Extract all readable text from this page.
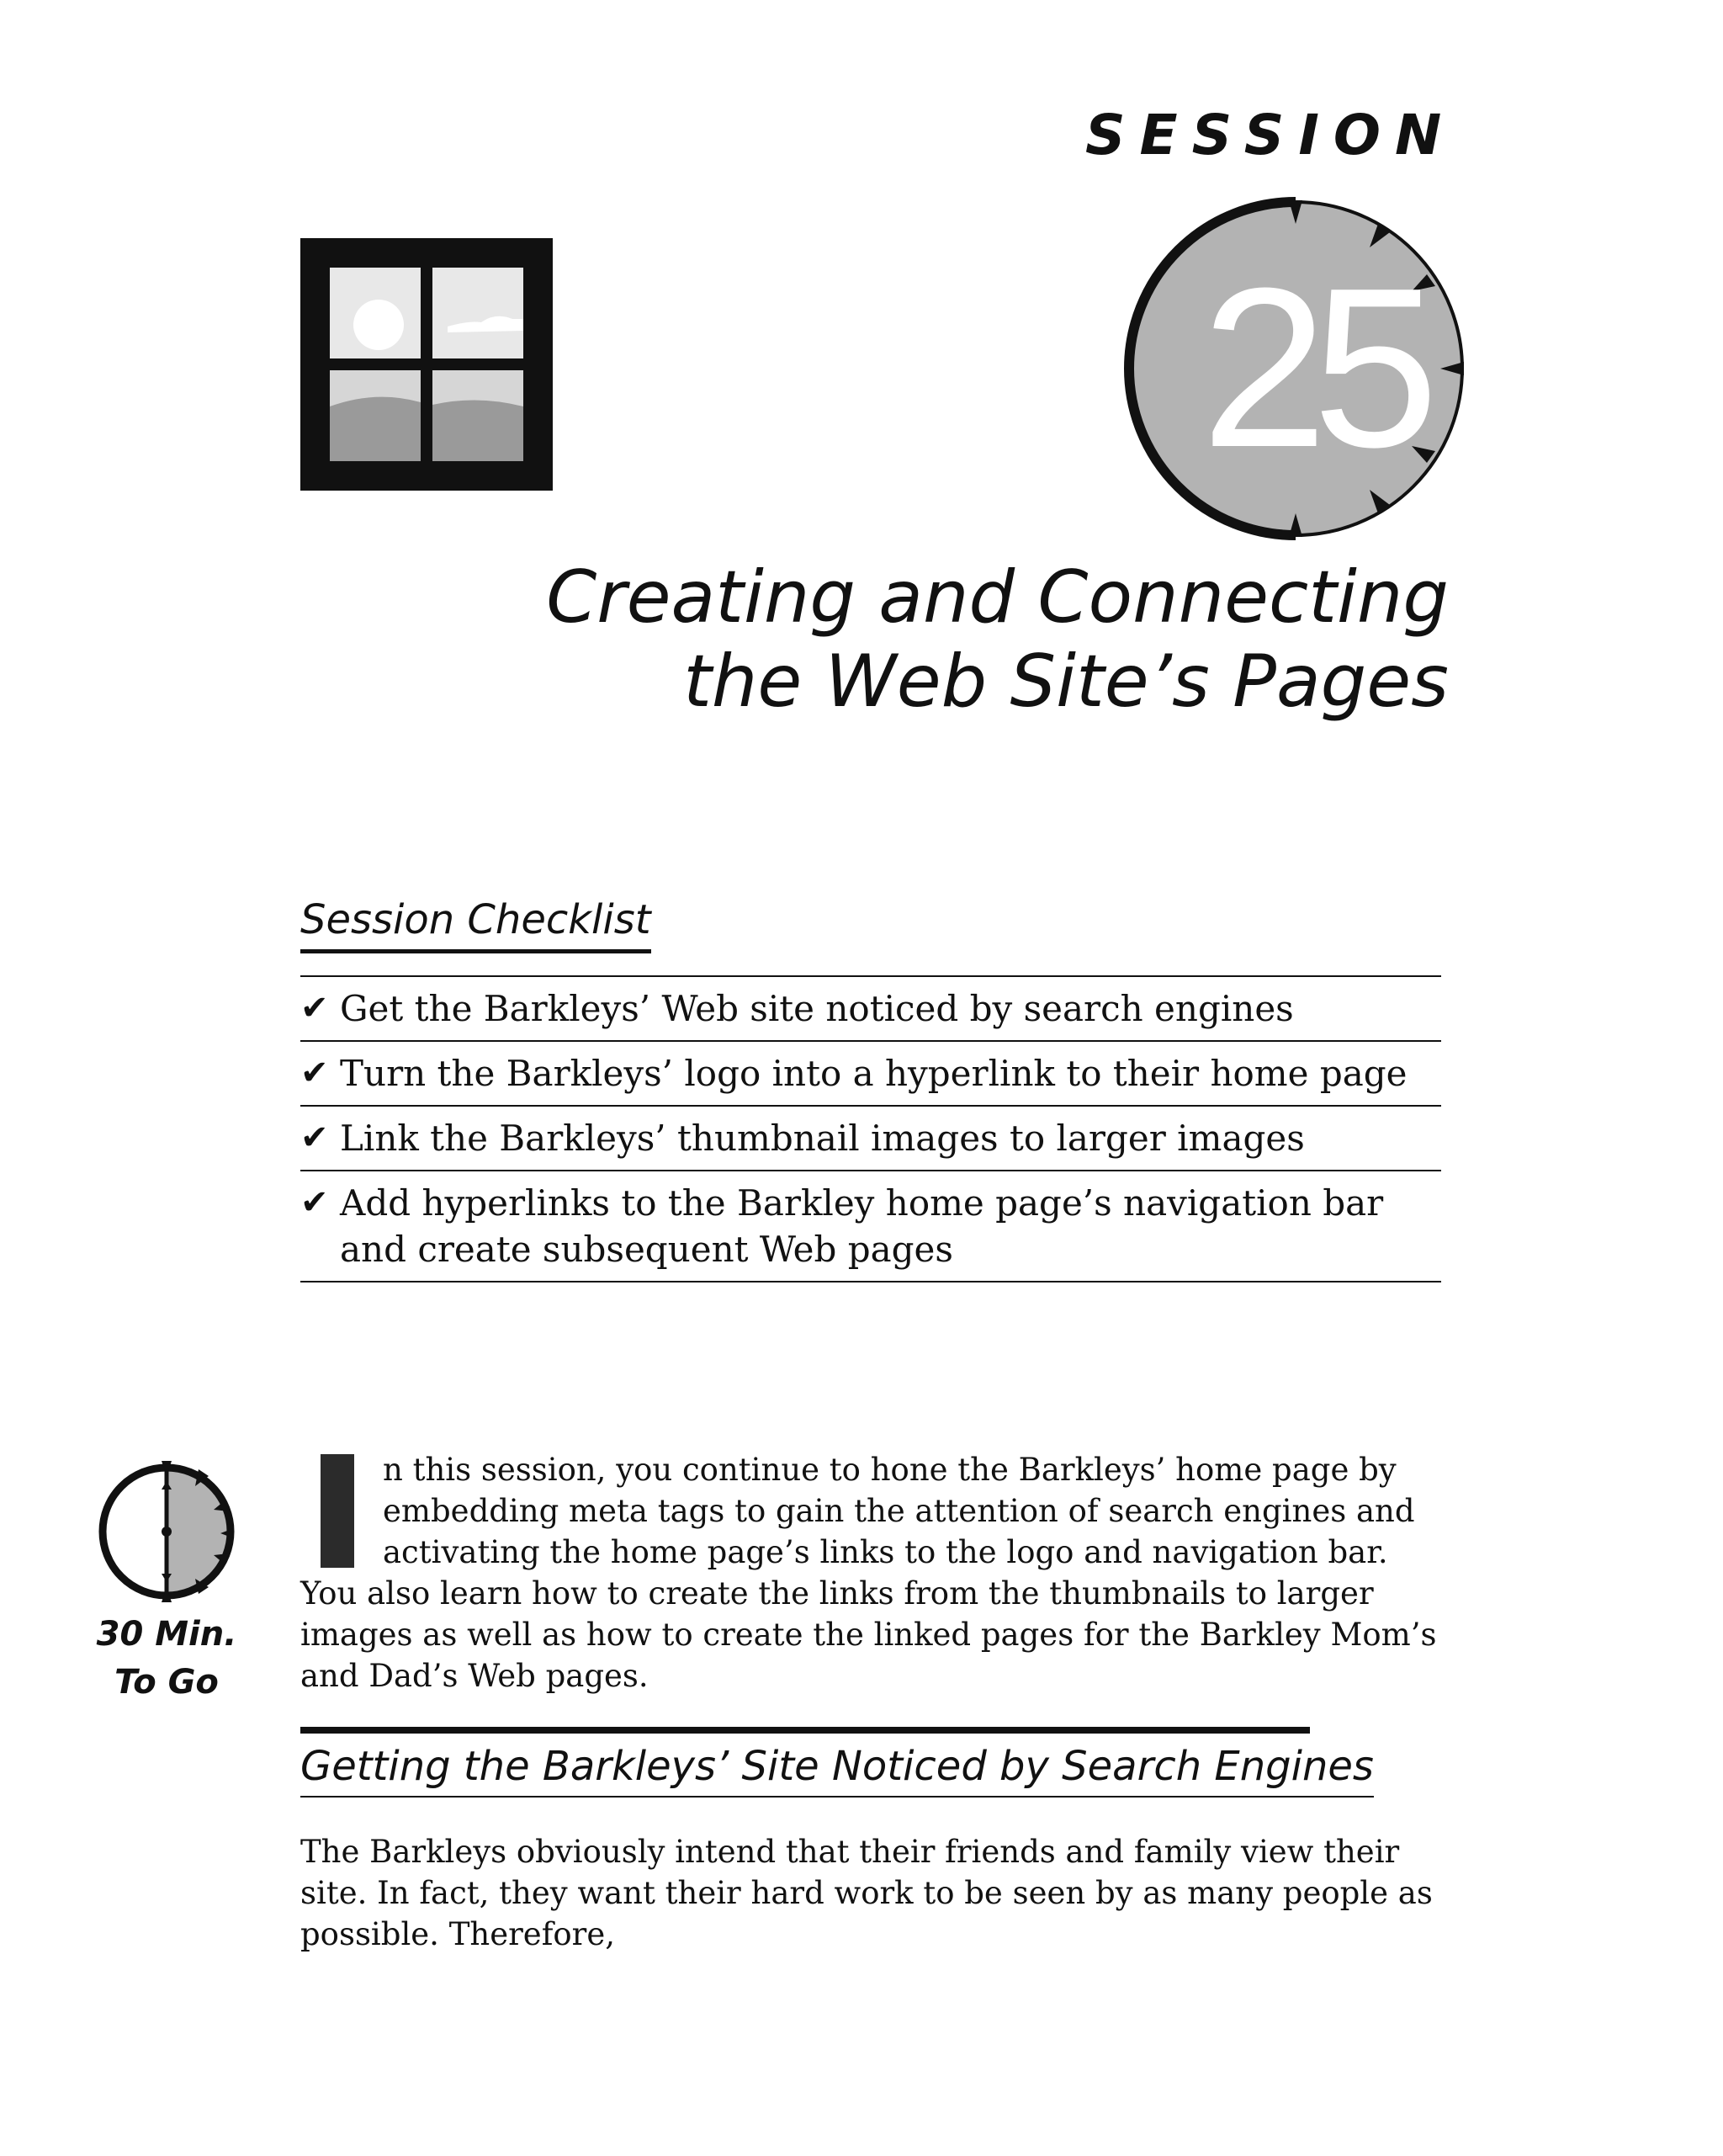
SESSION
25
Creating and Connecting
the Web Site’s Pages
Session Checklist
✔ Get the Barkleys’ Web site noticed by search engines
✔ Turn the Barkleys’ logo into a hyperlink to their home page
✔ Link the Barkleys’ thumbnail images to larger images
✔ Add hyperlinks to the Barkley home page’s navigation bar and create subsequent Web pages
30 Min.
To Go

n this session, you continue to hone the Barkleys’ home page by embedding meta tags to gain the attention of search engines and activating the home page’s links to the logo and navigation bar. You also learn how to create the links from the thumbnails to larger images as well as how to create the linked pages for the Barkley Mom’s and Dad’s Web pages.

Getting the Barkleys’ Site Noticed by Search Engines

The Barkleys obviously intend that their friends and family view their site. In fact, they want their hard work to be seen by as many people as possible. Therefore,
